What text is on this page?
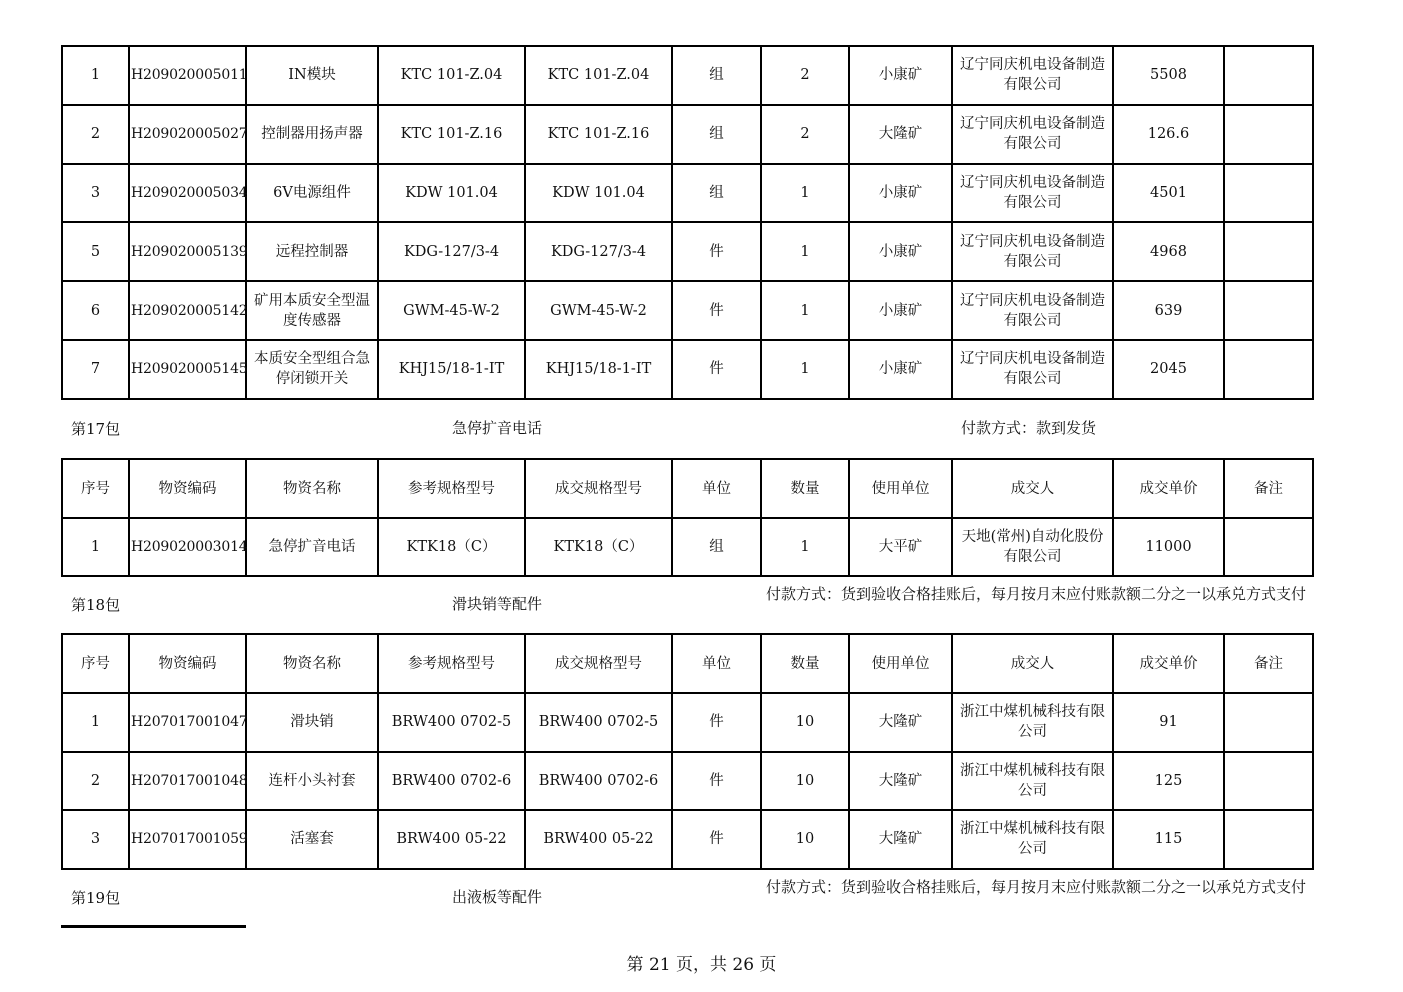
1	H209020005011	IN模块	KTC 101-Z.04	KTC 101-Z.04	组	2	小康矿	辽宁同庆机电设备制造有限公司	5508	
2	H209020005027	控制器用扬声器	KTC 101-Z.16	KTC 101-Z.16	组	2	大隆矿	辽宁同庆机电设备制造有限公司	126.6	
3	H209020005034	6V电源组件	KDW 101.04	KDW 101.04	组	1	小康矿	辽宁同庆机电设备制造有限公司	4501	
5	H209020005139	远程控制器	KDG-127/3-4	KDG-127/3-4	件	1	小康矿	辽宁同庆机电设备制造有限公司	4968	
6	H209020005142	矿用本质安全型温度传感器	GWM-45-W-2	GWM-45-W-2	件	1	小康矿	辽宁同庆机电设备制造有限公司	639	
7	H209020005145	本质安全型组合急停闭锁开关	KHJ15/18-1-IT	KHJ15/18-1-IT	件	1	小康矿	辽宁同庆机电设备制造有限公司	2045	
第17包	急停扩音电话	付款方式：款到发货
序号	物资编码	物资名称	参考规格型号	成交规格型号	单位	数量	使用单位	成交人	成交单价	备注
1	H209020003014	急停扩音电话	KTK18（C）	KTK18（C）	组	1	大平矿	天地(常州)自动化股份有限公司	11000	
第18包	滑块销等配件
付款方式：货到验收合格挂账后，每月按月末应付账款额二分之一以承兑方式支付
序号	物资编码	物资名称	参考规格型号	成交规格型号	单位	数量	使用单位	成交人	成交单价	备注
1	H207017001047	滑块销	BRW400 0702-5	BRW400 0702-5	件	10	大隆矿	浙江中煤机械科技有限公司	91	
2	H207017001048	连杆小头衬套	BRW400 0702-6	BRW400 0702-6	件	10	大隆矿	浙江中煤机械科技有限公司	125	
3	H207017001059	活塞套	BRW400 05-22	BRW400 05-22	件	10	大隆矿	浙江中煤机械科技有限公司	115	
第19包	出液板等配件
付款方式：货到验收合格挂账后，每月按月末应付账款额二分之一以承兑方式支付
第 21 页，共 26 页
